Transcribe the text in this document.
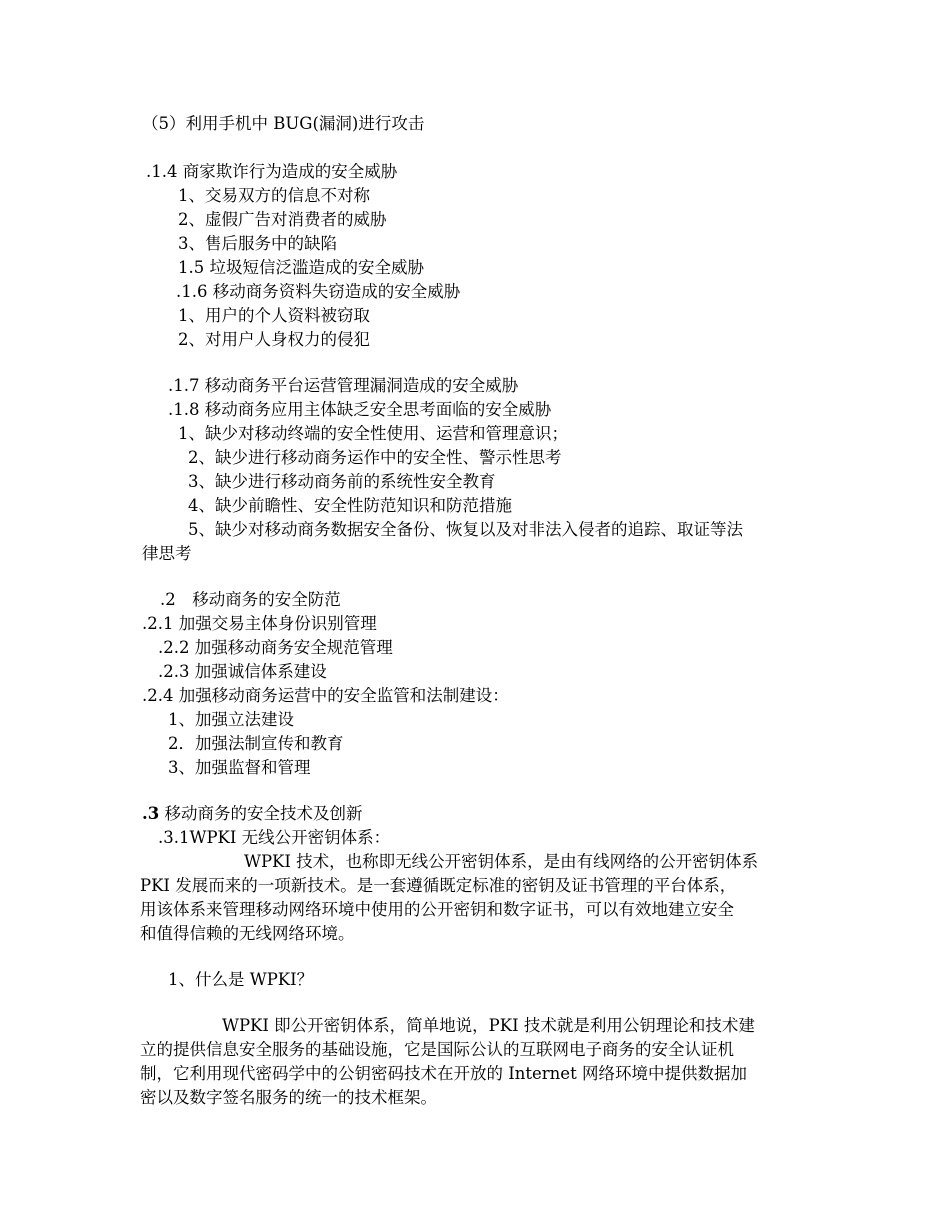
（5）利用手机中 BUG(漏洞)进行攻击
.1.4 商家欺诈行为造成的安全威胁
1、交易双方的信息不对称
2、虚假广告对消费者的威胁
3、售后服务中的缺陷
1.5 垃圾短信泛滥造成的安全威胁
.1.6 移动商务资料失窃造成的安全威胁
1、用户的个人资料被窃取
2、对用户人身权力的侵犯
.1.7 移动商务平台运营管理漏洞造成的安全威胁
.1.8 移动商务应用主体缺乏安全思考面临的安全威胁
1、缺少对移动终端的安全性使用、运营和管理意识；
2、缺少进行移动商务运作中的安全性、警示性思考
3、缺少进行移动商务前的系统性安全教育
4、缺少前瞻性、安全性防范知识和防范措施
5、缺少对移动商务数据安全备份、恢复以及对非法入侵者的追踪、取证等法
律思考
.2　移动商务的安全防范
.2.1 加强交易主体身份识别管理
.2.2 加强移动商务安全规范管理
.2.3 加强诚信体系建设
.2.4 加强移动商务运营中的安全监管和法制建设：
1、加强立法建设
2．加强法制宣传和教育
3、加强监督和管理
.3 移动商务的安全技术及创新
.3.1WPKI 无线公开密钥体系：
WPKI 技术，也称即无线公开密钥体系，是由有线网络的公开密钥体系
PKI 发展而来的一项新技术。是一套遵循既定标准的密钥及证书管理的平台体系，
用该体系来管理移动网络环境中使用的公开密钥和数字证书，可以有效地建立安全
和值得信赖的无线网络环境。
1、什么是 WPKI？
WPKI 即公开密钥体系，简单地说，PKI 技术就是利用公钥理论和技术建
立的提供信息安全服务的基础设施，它是国际公认的互联网电子商务的安全认证机
制，它利用现代密码学中的公钥密码技术在开放的 Internet 网络环境中提供数据加
密以及数字签名服务的统一的技术框架。
